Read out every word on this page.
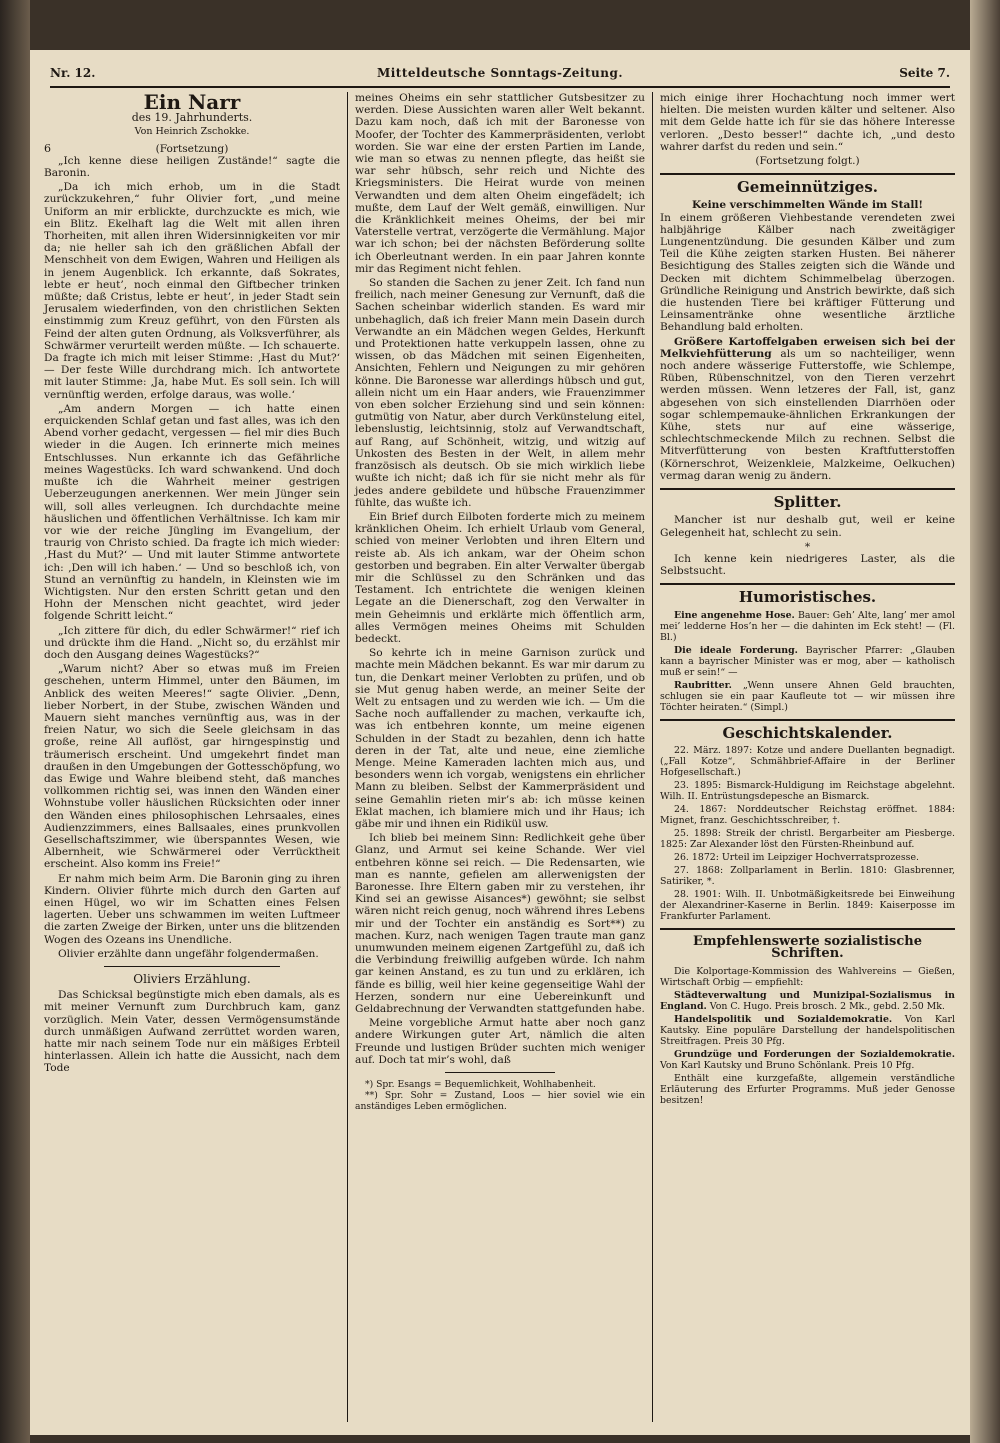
Nr. 12.	Mitteldeutsche Sonntags-Zeitung.	Seite 7.
Ein Narr
des 19. Jahrhunderts.
Von Heinrich Zschokke.
6	(Fortsetzung)

„Ich kenne diese heiligen Zustände!“ sagte die Baronin.

„Da ich mich erhob, um in die Stadt zurückzukehren,“ fuhr Olivier fort, „und meine Uniform an mir erblickte, durchzuckte es mich, wie ein Blitz. Ekelhaft lag die Welt mit allen ihren Thorheiten, mit allen ihren Widersinnigkeiten vor mir da; nie heller sah ich den gräßlichen Abfall der Menschheit von dem Ewigen, Wahren und Heiligen als in jenem Augenblick. Ich erkannte, daß Sokrates, lebte er heut’, noch einmal den Giftbecher trinken müßte; daß Cristus, lebte er heut’, in jeder Stadt sein Jerusalem wiederfinden, von den christlichen Sekten einstimmig zum Kreuz geführt, von den Fürsten als Feind der alten guten Ordnung, als Volksverführer, als Schwärmer verurteilt werden müßte. — Ich schauerte. Da fragte ich mich mit leiser Stimme: ‚Hast du Mut?‘ — Der feste Wille durchdrang mich. Ich antwortete mit lauter Stimme: ‚Ja, habe Mut. Es soll sein. Ich will vernünftig werden, erfolge daraus, was wolle.‘

„Am andern Morgen — ich hatte einen erquickenden Schlaf getan und fast alles, was ich den Abend vorher gedacht, vergessen — fiel mir dies Buch wieder in die Augen. Ich erinnerte mich meines Entschlusses. Nun erkannte ich das Gefährliche meines Wagestücks. Ich ward schwankend. Und doch mußte ich die Wahrheit meiner gestrigen Ueberzeugungen anerkennen. Wer mein Jünger sein will, soll alles verleugnen. Ich durchdachte meine häuslichen und öffentlichen Verhältnisse. Ich kam mir vor wie der reiche Jüngling im Evangelium, der traurig von Christo schied. Da fragte ich mich wieder: ‚Hast du Mut?‘ — Und mit lauter Stimme antwortete ich: ‚Den will ich haben.‘ — Und so beschloß ich, von Stund an vernünftig zu handeln, in Kleinsten wie im Wichtigsten. Nur den ersten Schritt getan und den Hohn der Menschen nicht geachtet, wird jeder folgende Schritt leicht.“

„Ich zittere für dich, du edler Schwärmer!“ rief ich und drückte ihm die Hand. „Nicht so, du erzählst mir doch den Ausgang deines Wagestücks?“

„Warum nicht? Aber so etwas muß im Freien geschehen, unterm Himmel, unter den Bäumen, im Anblick des weiten Meeres!“ sagte Olivier. „Denn, lieber Norbert, in der Stube, zwischen Wänden und Mauern sieht manches vernünftig aus, was in der freien Natur, wo sich die Seele gleichsam in das große, reine All auflöst, gar hirngespinstig und träumerisch erscheint. Und umgekehrt findet man draußen in den Umgebungen der Gottesschöpfung, wo das Ewige und Wahre bleibend steht, daß manches vollkommen richtig sei, was innen den Wänden einer Wohnstube voller häuslichen Rücksichten oder inner den Wänden eines philosophischen Lehrsaales, eines Audienzzimmers, eines Ballsaales, eines prunkvollen Gesellschaftszimmer, wie überspanntes Wesen, wie Albernheit, wie Schwärmerei oder Verrücktheit erscheint. Also komm ins Freie!“

Er nahm mich beim Arm. Die Baronin ging zu ihren Kindern. Olivier führte mich durch den Garten auf einen Hügel, wo wir im Schatten eines Felsen lagerten. Ueber uns schwammen im weiten Luftmeer die zarten Zweige der Birken, unter uns die blitzenden Wogen des Ozeans ins Unendliche.

Olivier erzählte dann ungefähr folgendermaßen.

Oliviers Erzählung.

Das Schicksal begünstigte mich eben damals, als es mit meiner Vernunft zum Durchbruch kam, ganz vorzüglich. Mein Vater, dessen Vermögensumstände durch unmäßigen Aufwand zerrüttet worden waren, hatte mir nach seinem Tode nur ein mäßiges Erbteil hinterlassen. Allein ich hatte die Aussicht, nach dem Tode

meines Oheims ein sehr stattlicher Gutsbesitzer zu werden. Diese Aussichten waren aller Welt bekannt. Dazu kam noch, daß ich mit der Baronesse von Moofer, der Tochter des Kammerpräsidenten, verlobt worden. Sie war eine der ersten Partien im Lande, wie man so etwas zu nennen pflegte, das heißt sie war sehr hübsch, sehr reich und Nichte des Kriegsministers. Die Heirat wurde von meinen Verwandten und dem alten Oheim eingefädelt; ich mußte, dem Lauf der Welt gemäß, einwilligen. Nur die Kränklichkeit meines Oheims, der bei mir Vaterstelle vertrat, verzögerte die Vermählung. Major war ich schon; bei der nächsten Beförderung sollte ich Oberleutnant werden. In ein paar Jahren konnte mir das Regiment nicht fehlen.

So standen die Sachen zu jener Zeit. Ich fand nun freilich, nach meiner Genesung zur Vernunft, daß die Sachen scheinbar widerlich standen. Es ward mir unbehaglich, daß ich freier Mann mein Dasein durch Verwandte an ein Mädchen wegen Geldes, Herkunft und Protektionen hatte verkuppeln lassen, ohne zu wissen, ob das Mädchen mit seinen Eigenheiten, Ansichten, Fehlern und Neigungen zu mir gehören könne. Die Baronesse war allerdings hübsch und gut, allein nicht um ein Haar anders, wie Frauenzimmer von eben solcher Erziehung sind und sein können: gutmütig von Natur, aber durch Verkünstelung eitel, lebenslustig, leichtsinnig, stolz auf Verwandtschaft, auf Rang, auf Schönheit, witzig, und witzig auf Unkosten des Besten in der Welt, in allem mehr französisch als deutsch. Ob sie mich wirklich liebe wußte ich nicht; daß ich für sie nicht mehr als für jedes andere gebildete und hübsche Frauenzimmer fühlte, das wußte ich.

Ein Brief durch Eilboten forderte mich zu meinem kränklichen Oheim. Ich erhielt Urlaub vom General, schied von meiner Verlobten und ihren Eltern und reiste ab. Als ich ankam, war der Oheim schon gestorben und begraben. Ein alter Verwalter übergab mir die Schlüssel zu den Schränken und das Testament. Ich entrichtete die wenigen kleinen Legate an die Dienerschaft, zog den Verwalter in mein Geheimnis und erklärte mich öffentlich arm, alles Vermögen meines Oheims mit Schulden bedeckt.

So kehrte ich in meine Garnison zurück und machte mein Mädchen bekannt. Es war mir darum zu tun, die Denkart meiner Verlobten zu prüfen, und ob sie Mut genug haben werde, an meiner Seite der Welt zu entsagen und zu werden wie ich. — Um die Sache noch auffallender zu machen, verkaufte ich, was ich entbehren konnte, um meine eigenen Schulden in der Stadt zu bezahlen, denn ich hatte deren in der Tat, alte und neue, eine ziemliche Menge. Meine Kameraden lachten mich aus, und besonders wenn ich vorgab, wenigstens ein ehrlicher Mann zu bleiben. Selbst der Kammerpräsident und seine Gemahlin rieten mir’s ab: ich müsse keinen Eklat machen, ich blamiere mich und ihr Haus; ich gäbe mir und ihnen ein Ridikül usw.

Ich blieb bei meinem Sinn: Redlichkeit gehe über Glanz, und Armut sei keine Schande. Wer viel entbehren könne sei reich. — Die Redensarten, wie man es nannte, gefielen am allerwenigsten der Baronesse. Ihre Eltern gaben mir zu verstehen, ihr Kind sei an gewisse Aisances*) gewöhnt; sie selbst wären nicht reich genug, noch während ihres Lebens mir und der Tochter ein anständig es Sort**) zu machen. Kurz, nach wenigen Tagen traute man ganz unumwunden meinem eigenen Zartgefühl zu, daß ich die Verbindung freiwillig aufgeben würde. Ich nahm gar keinen Anstand, es zu tun und zu erklären, ich fände es billig, weil hier keine gegenseitige Wahl der Herzen, sondern nur eine Uebereinkunft und Geldabrechnung der Verwandten stattgefunden habe.

Meine vorgebliche Armut hatte aber noch ganz andere Wirkungen guter Art, nämlich die alten Freunde und lustigen Brüder suchten mich weniger auf. Doch tat mir’s wohl, daß

*) Spr. Esangs = Bequemlichkeit, Wohlhabenheit.

**) Spr. Sohr = Zustand, Loos — hier soviel wie ein anständiges Leben ermöglichen.

mich einige ihrer Hochachtung noch immer wert hielten. Die meisten wurden kälter und seltener. Also mit dem Gelde hatte ich für sie das höhere Interesse verloren. „Desto besser!“ dachte ich, „und desto wahrer darfst du reden und sein.“

(Fortsetzung folgt.)
Gemeinnütziges.
Keine verschimmelten Wände im Stall!

In einem größeren Viehbestande verendeten zwei halbjährige Kälber nach zweitägiger Lungenentzündung. Die gesunden Kälber und zum Teil die Kühe zeigten starken Husten. Bei näherer Besichtigung des Stalles zeigten sich die Wände und Decken mit dichtem Schimmelbelag überzogen. Gründliche Reinigung und Anstrich bewirkte, daß sich die hustenden Tiere bei kräftiger Fütterung und Leinsamentränke ohne wesentliche ärztliche Behandlung bald erholten.

Größere Kartoffelgaben erweisen sich bei der Melkviehfütterung als um so nachteiliger, wenn noch andere wässerige Futterstoffe, wie Schlempe, Rüben, Rübenschnitzel, von den Tieren verzehrt werden müssen. Wenn letzeres der Fall, ist, ganz abgesehen von sich einstellenden Diarrhöen oder sogar schlempemauke-ähnlichen Erkrankungen der Kühe, stets nur auf eine wässerige, schlechtschmeckende Milch zu rechnen. Selbst die Mitverfütterung von besten Kraftfutterstoffen (Körnerschrot, Weizenkleie, Malzkeime, Oelkuchen) vermag daran wenig zu ändern.

Splitter.

Mancher ist nur deshalb gut, weil er keine Gelegenheit hat, schlecht zu sein.

*

Ich kenne kein niedrigeres Laster, als die Selbstsucht.

Humoristisches.

Eine angenehme Hose. Bauer: Geh’ Alte, lang’ mer amol mei’ ledderne Hos’n her — die dahinten im Eck steht! — (Fl. Bl.)

Die ideale Forderung. Bayrischer Pfarrer: „Glauben kann a bayrischer Minister was er mog, aber — katholisch muß er sein!“ —

Raubritter. „Wenn unsere Ahnen Geld brauchten, schlugen sie ein paar Kaufleute tot — wir müssen ihre Töchter heiraten.“ (Simpl.)

Geschichtskalender.

22. März. 1897: Kotze und andere Duellanten begnadigt. („Fall Kotze“, Schmähbrief-Affaire in der Berliner Hofgesellschaft.)

23. 1895: Bismarck-Huldigung im Reichstage abgelehnt. Wilh. II. Entrüstungsdepesche an Bismarck.

24. 1867: Norddeutscher Reichstag eröffnet. 1884: Mignet, franz. Geschichtsschreiber, †.

25. 1898: Streik der christl. Bergarbeiter am Piesberge. 1825: Zar Alexander löst den Fürsten-Rheinbund auf.

26. 1872: Urteil im Leipziger Hochverratsprozesse.

27. 1868: Zollparlament in Berlin. 1810: Glasbrenner, Satiriker, *.

28. 1901: Wilh. II. Unbotmäßigkeitsrede bei Einweihung der Alexandriner-Kaserne in Berlin. 1849: Kaiserposse im Frankfurter Parlament.

Empfehlenswerte sozialistische Schriften.

Die Kolportage-Kommission des Wahlvereins — Gießen, Wirtschaft Orbig — empfiehlt:

Städteverwaltung und Munizipal-Sozialismus in England. Von C. Hugo. Preis brosch. 2 Mk., gebd. 2.50 Mk.

Handelspolitik und Sozialdemokratie. Von Karl Kautsky. Eine populäre Darstellung der handelspolitischen Streitfragen. Preis 30 Pfg.

Grundzüge und Forderungen der Sozialdemokratie. Von Karl Kautsky und Bruno Schönlank. Preis 10 Pfg.

Enthält eine kurzgefaßte, allgemein verständliche Erläuterung des Erfurter Programms. Muß jeder Genosse besitzen!
